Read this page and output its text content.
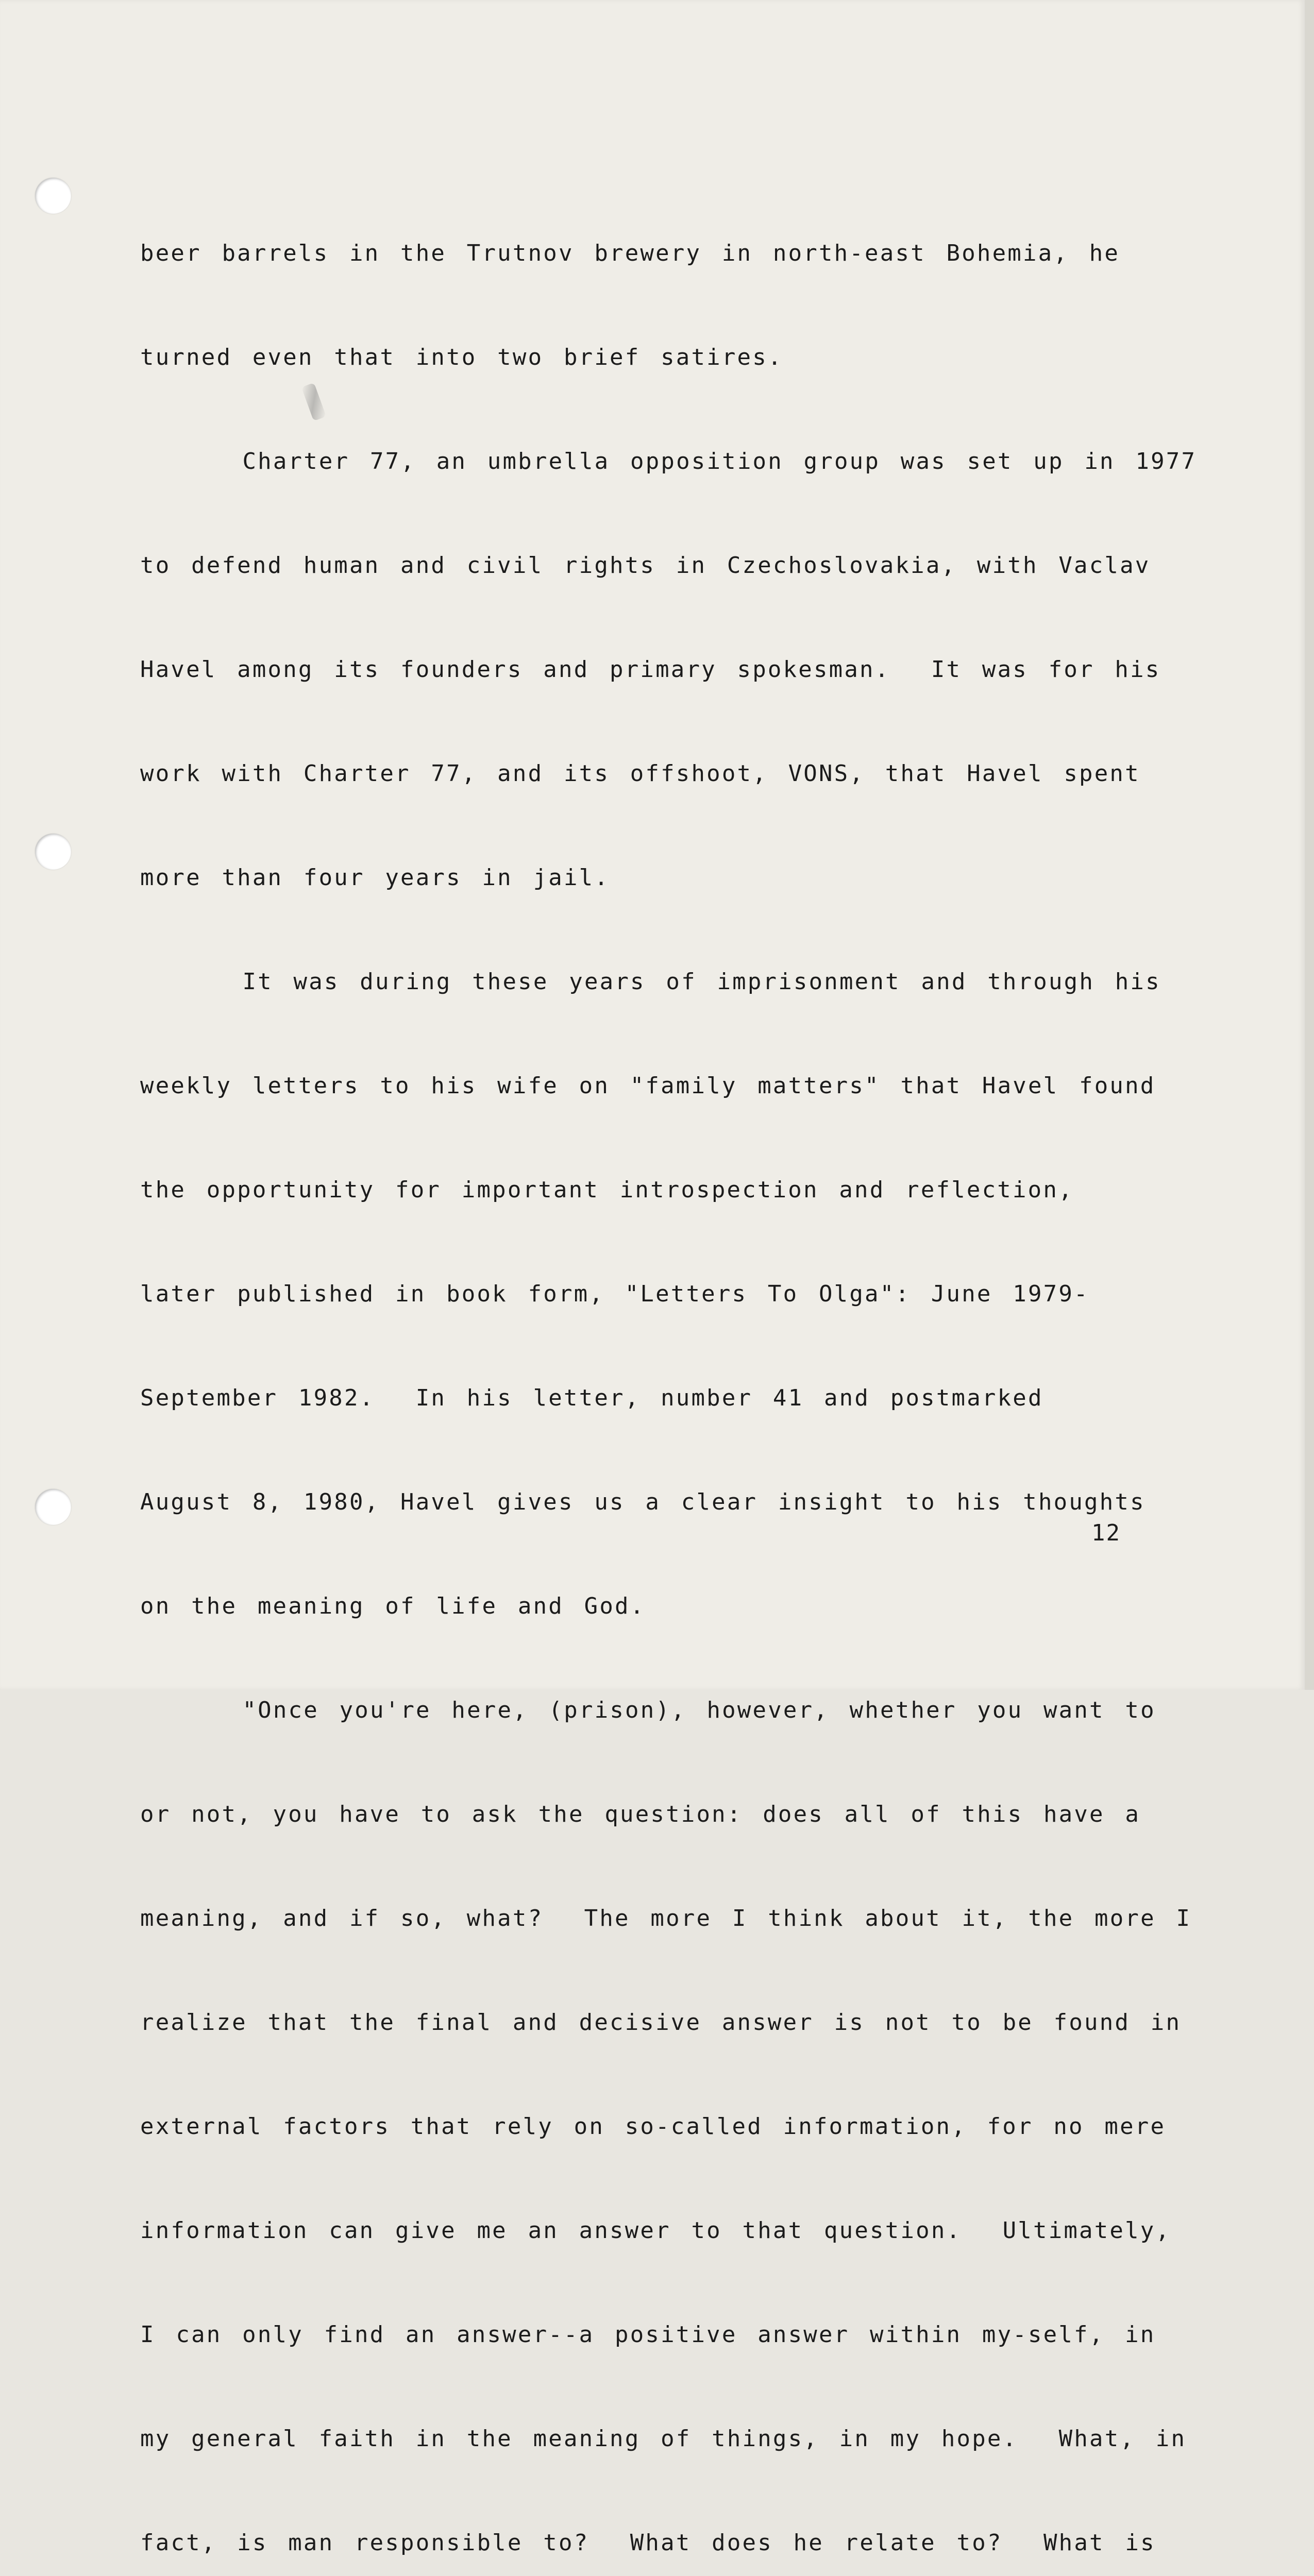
beer barrels in the Trutnov brewery in north-east Bohemia, he

turned even that into two brief satires.

Charter 77, an umbrella opposition group was set up in 1977

to defend human and civil rights in Czechoslovakia, with Vaclav

Havel among its founders and primary spokesman.  It was for his

work with Charter 77, and its offshoot, VONS, that Havel spent

more than four years in jail.

It was during these years of imprisonment and through his

weekly letters to his wife on "family matters" that Havel found

the opportunity for important introspection and reflection,

later published in book form, "Letters To Olga": June 1979-

September 1982.  In his letter, number 41 and postmarked

August 8, 1980, Havel gives us a clear insight to his thoughts

on the meaning of life and God.

"Once you're here, (prison), however, whether you want to

or not, you have to ask the question: does all of this have a

meaning, and if so, what?  The more I think about it, the more I

realize that the final and decisive answer is not to be found in

external factors that rely on so-called information, for no mere

information can give me an answer to that question.  Ultimately,

I can only find an answer--a positive answer within my-self, in

my general faith in the meaning of things, in my hope.  What, in

fact, is man responsible to?  What does he relate to?  What is

12
